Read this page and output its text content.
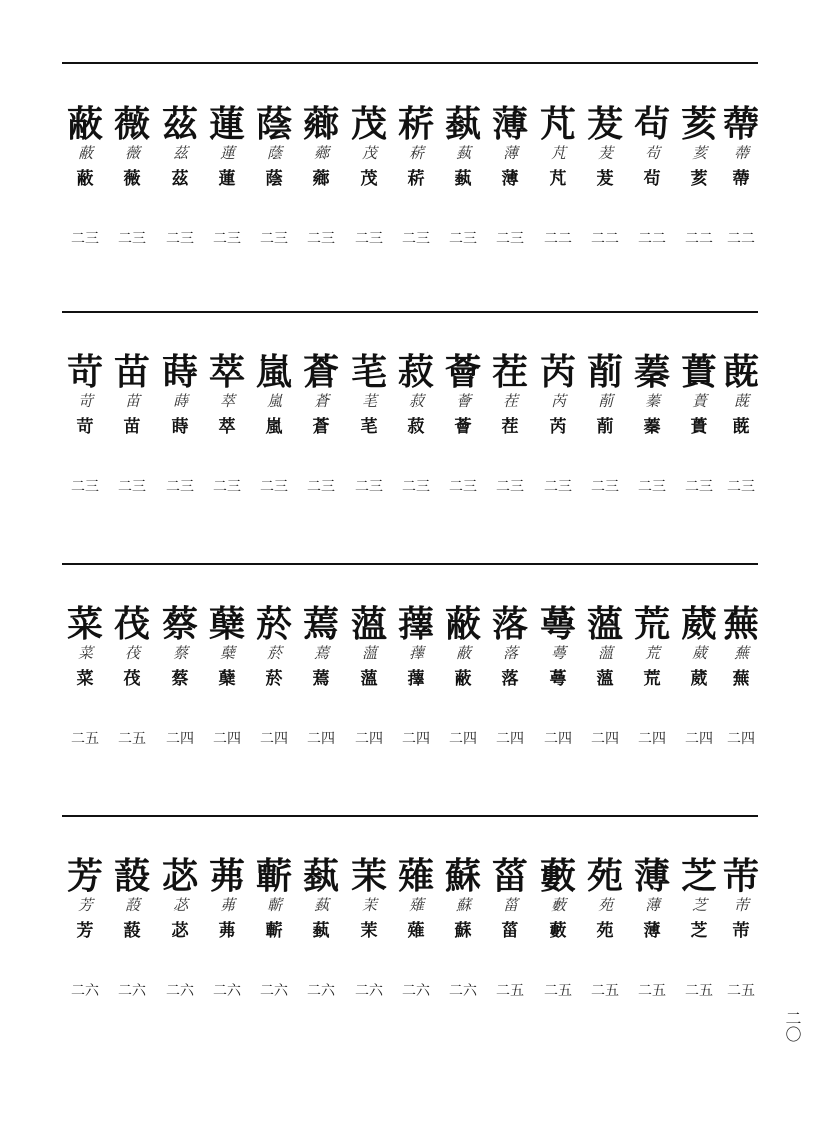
蔽
蔽
蔽
二三
薇
薇
薇
二三
茲
茲
茲
二三
蓮
蓮
蓮
二三
蔭
蔭
蔭
二三
薌
薌
薌
二三
茂
茂
茂
二三
菥
菥
菥
二三
蓺
蓺
蓺
二三
薄
薄
薄
二三
芃
芃
芃
二二
茇
茇
茇
二二
茍
茍
茍
二二
荄
荄
荄
二二
蔕
蔕
蔕
二二
苛
苛
苛
二三
苗
苗
苗
二三
蒔
蒔
蒔
二三
萃
萃
萃
二三
嵐
嵐
嵐
二三
蒼
蒼
蒼
二三
芼
芼
芼
二三
菽
菽
菽
二三
薈
薈
薈
二三
茬
茬
茬
二三
芮
芮
芮
二三
萷
萷
萷
二三
蓁
蓁
蓁
二三
蕢
蕢
蕢
二三
蔇
蔇
蔇
二三
菜
菜
菜
二五
茷
茷
茷
二五
蔡
蔡
蔡
二四
蘖
蘖
蘖
二四
菸
菸
菸
二四
蔫
蔫
蔫
二四
薀
薀
薀
二四
蘀
蘀
蘀
二四
蔽
蔽
蔽
二四
落
落
落
二四
蕚
蕚
蕚
二四
薀
薀
薀
二四
荒
荒
荒
二四
葳
葳
葳
二四
蕪
蕪
蕪
二四
芳
芳
芳
二六
蔎
蔎
蔎
二六
苾
苾
苾
二六
茀
茀
茀
二六
蘄
蘄
蘄
二六
蓺
蓺
蓺
二六
茉
茉
茉
二六
薙
薙
薙
二六
蘇
蘇
蘇
二六
菑
菑
菑
二五
藪
藪
藪
二五
苑
苑
苑
二五
薄
薄
薄
二五
芝
芝
芝
二五
芾
芾
芾
二五
二〇
